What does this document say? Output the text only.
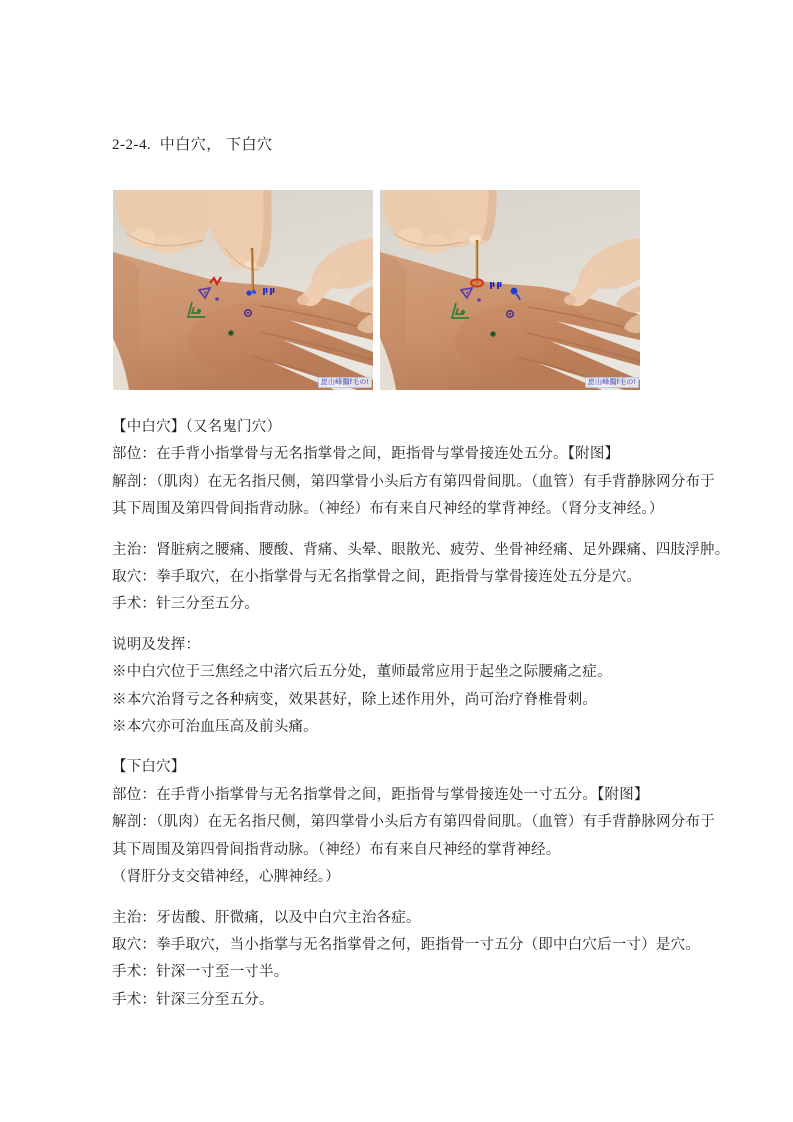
2-2-4.  中白穴， 下白穴
崑山峰醫f毛の!	崑山峰醫f毛の!

【中白穴】（又名鬼门穴）
部位：在手背小指掌骨与无名指掌骨之间，距指骨与掌骨接连处五分。【附图】
解剖：（肌肉）在无名指尺侧，第四掌骨小头后方有第四骨间肌。（血管）有手背静脉网分布于
其下周围及第四骨间指背动脉。（神经）布有来自尺神经的掌背神经。（肾分支神经。）

主治：肾脏病之腰痛、腰酸、背痛、头晕、眼散光、疲劳、坐骨神经痛、足外踝痛、四肢浮肿。
取穴：拳手取穴，在小指掌骨与无名指掌骨之间，距指骨与掌骨接连处五分是穴。
手术：针三分至五分。

说明及发挥：
※中白穴位于三焦经之中渚穴后五分处，董师最常应用于起坐之际腰痛之症。
※本穴治肾亏之各种病变，效果甚好，除上述作用外，尚可治疗脊椎骨刺。
※本穴亦可治血压高及前头痛。

【下白穴】
部位：在手背小指掌骨与无名指掌骨之间，距指骨与掌骨接连处一寸五分。【附图】
解剖：（肌肉）在无名指尺侧，第四掌骨小头后方有第四骨间肌。（血管）有手背静脉网分布于
其下周围及第四骨间指背动脉。（神经）布有来自尺神经的掌背神经。
（肾肝分支交错神经，心脾神经。）

主治：牙齿酸、肝微痛，以及中白穴主治各症。
取穴：拳手取穴，当小指掌与无名指掌骨之何，距指骨一寸五分（即中白穴后一寸）是穴。
手术：针深一寸至一寸半。
手术：针深三分至五分。
